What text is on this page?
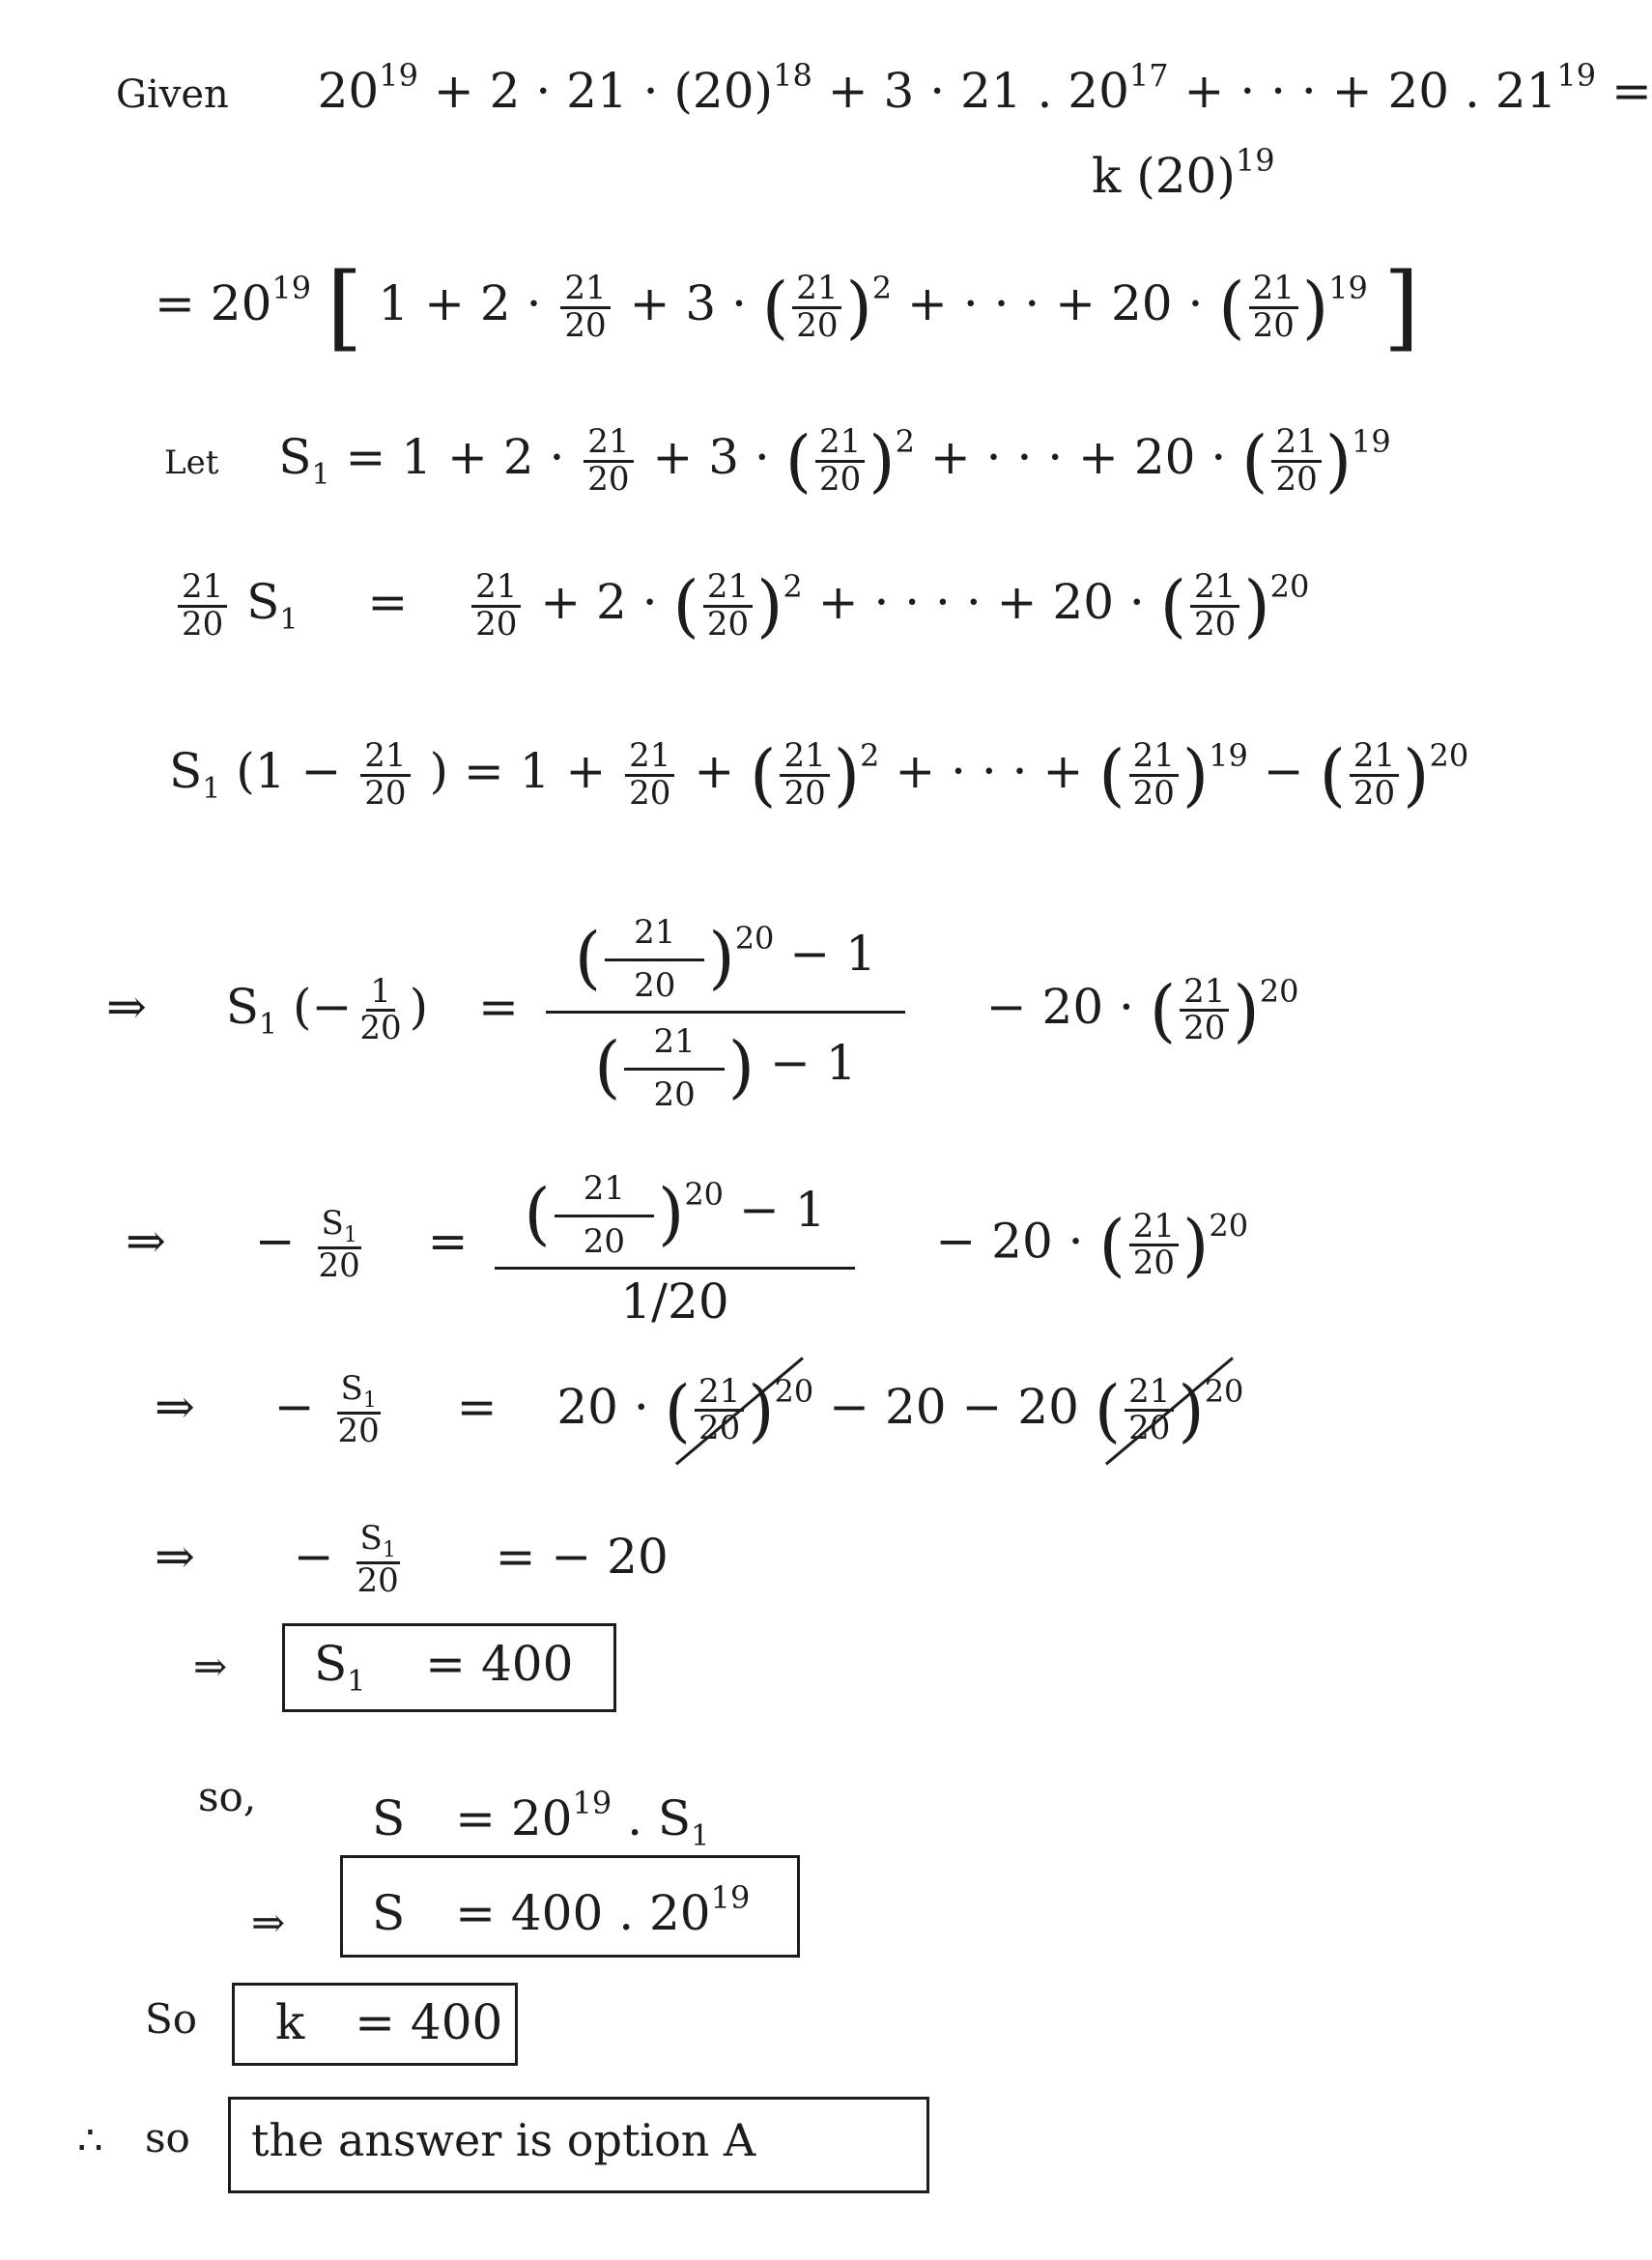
Given $20^{19} + 2 \cdot 21 \cdot (20)^{18} + 3 \cdot 21$ . $20^{17}$ + · · · + 20 . $21^{19}$ =
k $(20)^{19}$
= $20^{19}$ [ $1 + 2 \cdot \frac{21}{20} + 3$ · ( $\frac{21}{20} )^2$ + · · · + 20 · ( $\frac{21}{20} )^{19}$ ]
Let $S_1 = 1 + 2 \cdot \frac{21}{20} + 3$ · ( $\frac{21}{20} )^2$ + · · · + 20 · ( $\frac{21}{20} )^{19}$
$\frac{21}{20} S_1 = \frac{21}{20} + 2$ · ( $\frac{21}{20} )^2$ + · · · · + 20 · ( $\frac{21}{20} )^{20}$
$S_1$ ($1 - \frac{21}{20}$ ) = $1 + \frac{21}{20}$ + ( $\frac{21}{20} )^2$ + · · · + ( $\frac{21}{20} )^{19}$ − ( $\frac{21}{20} )^{20}$
⇒ $S_1$ (− $\frac{1}{20}$ ) = $\frac{( \frac{21}{20} )^{20} - 1}{( \frac{21}{20} ) - 1} - 20$ · ( $\frac{21}{20} )^{20}$
⇒ − $\frac{S_1}{20} = \frac{( \frac{21}{20} )^{20} - 1}{1/20} - 20$ · ( $\frac{21}{20} )^{20}$
⇒ − $\frac{S_1}{20} = 20$ · ( $\frac{21}{20} )^{20} - 20 - 20$ ( $\frac{21}{20} )^{20}$
⇒ − $\frac{S_1}{20}$ = − 20
⇒ $S_1 = 400$
so, $S = 20^{19}$ . $S_1$
⇒ S = 400 . $20^{19}$
So k = 400
∴ so the answer is option A
